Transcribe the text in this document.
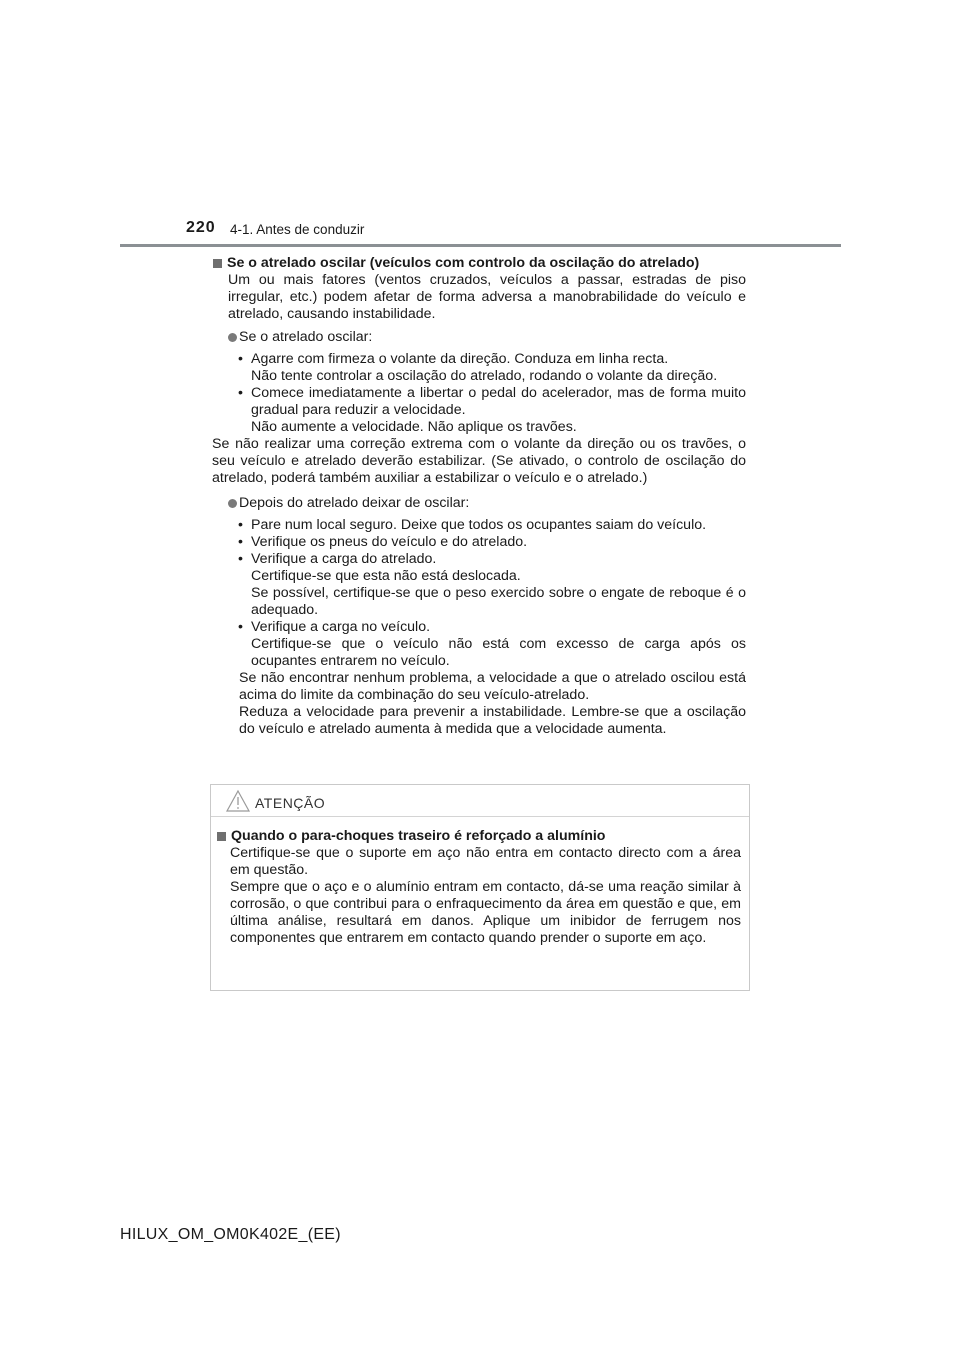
220 4-1. Antes de conduzir
Se o atrelado oscilar (veículos com controlo da oscilação do atrelado)
Um ou mais fatores (ventos cruzados, veículos a passar, estradas de piso irregular, etc.) podem afetar de forma adversa a manobrabilidade do veículo e atrelado, causando instabilidade.
Se o atrelado oscilar:
• Agarre com firmeza o volante da direção. Conduza em linha recta.
Não tente controlar a oscilação do atrelado, rodando o volante da direção.
• Comece imediatamente a libertar o pedal do acelerador, mas de forma muito gradual para reduzir a velocidade.
Não aumente a velocidade. Não aplique os travões.
Se não realizar uma correção extrema com o volante da direção ou os travões, o seu veículo e atrelado deverão estabilizar. (Se ativado, o controlo de oscilação do atrelado, poderá também auxiliar a estabilizar o veículo e o atrelado.)
Depois do atrelado deixar de oscilar:
• Pare num local seguro. Deixe que todos os ocupantes saiam do veículo.
• Verifique os pneus do veículo e do atrelado.
• Verifique a carga do atrelado.
Certifique-se que esta não está deslocada.
Se possível, certifique-se que o peso exercido sobre o engate de reboque é o adequado.
• Verifique a carga no veículo.
Certifique-se que o veículo não está com excesso de carga após os ocupantes entrarem no veículo.
Se não encontrar nenhum problema, a velocidade a que o atrelado oscilou está acima do limite da combinação do seu veículo-atrelado.
Reduza a velocidade para prevenir a instabilidade. Lembre-se que a oscilação do veículo e atrelado aumenta à medida que a velocidade aumenta.
ATENÇÃO
Quando o para-choques traseiro é reforçado a alumínio
Certifique-se que o suporte em aço não entra em contacto directo com a área em questão.
Sempre que o aço e o alumínio entram em contacto, dá-se uma reação similar à corrosão, o que contribui para o enfraquecimento da área em questão e que, em última análise, resultará em danos. Aplique um inibidor de ferrugem nos componentes que entrarem em contacto quando prender o suporte em aço.
HILUX_OM_OM0K402E_(EE)
